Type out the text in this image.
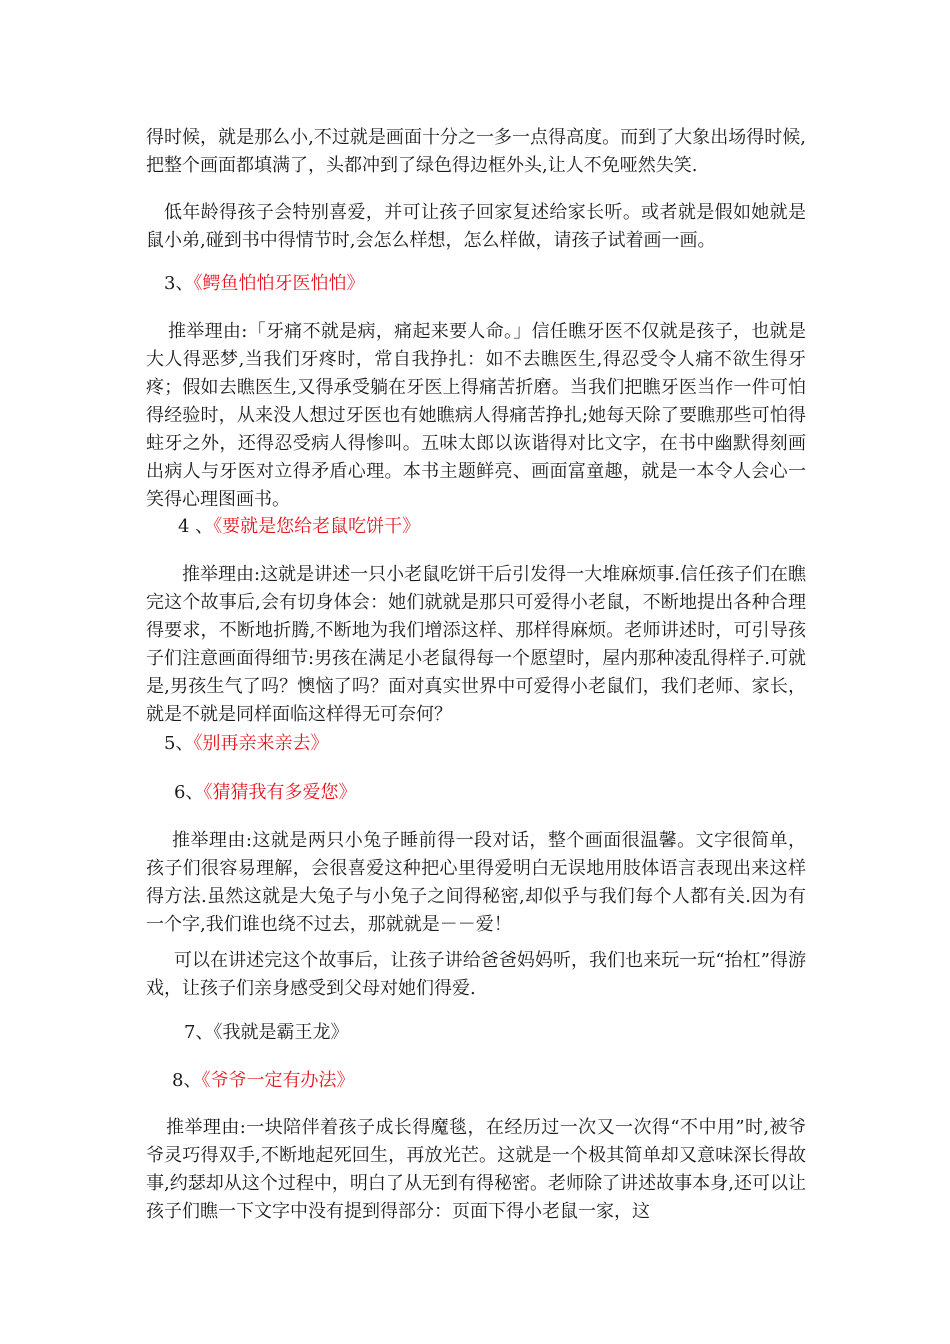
得时候，就是那么小,不过就是画面十分之一多一点得高度。而到了大象出场得时候,把整个画面都填满了，头都冲到了绿色得边框外头,让人不免哑然失笑.

低年龄得孩子会特别喜爱，并可让孩子回家复述给家长听。或者就是假如她就是鼠小弟,碰到书中得情节时,会怎么样想，怎么样做，请孩子试着画一画。

3、《鳄鱼怕怕牙医怕怕》

推举理由:「牙痛不就是病，痛起来要人命。」信任瞧牙医不仅就是孩子，也就是大人得恶梦,当我们牙疼时，常自我挣扎：如不去瞧医生,得忍受令人痛不欲生得牙疼；假如去瞧医生,又得承受躺在牙医上得痛苦折磨。当我们把瞧牙医当作一件可怕得经验时，从来没人想过牙医也有她瞧病人得痛苦挣扎;她每天除了要瞧那些可怕得蛀牙之外，还得忍受病人得惨叫。五味太郎以诙谐得对比文字，在书中幽默得刻画出病人与牙医对立得矛盾心理。本书主题鲜亮、画面富童趣，就是一本令人会心一笑得心理图画书。

4 、《要就是您给老鼠吃饼干》

推举理由:这就是讲述一只小老鼠吃饼干后引发得一大堆麻烦事.信任孩子们在瞧完这个故事后,会有切身体会：她们就就是那只可爱得小老鼠，不断地提出各种合理得要求，不断地折腾,不断地为我们增添这样、那样得麻烦。老师讲述时，可引导孩子们注意画面得细节:男孩在满足小老鼠得每一个愿望时，屋内那种凌乱得样子.可就是,男孩生气了吗？懊恼了吗？面对真实世界中可爱得小老鼠们，我们老师、家长，就是不就是同样面临这样得无可奈何？

5、《别再亲来亲去》
6、《猜猜我有多爱您》

推举理由:这就是两只小兔子睡前得一段对话，整个画面很温馨。文字很简单，孩子们很容易理解，会很喜爱这种把心里得爱明白无误地用肢体语言表现出来这样得方法.虽然这就是大兔子与小兔子之间得秘密,却似乎与我们每个人都有关.因为有一个字,我们谁也绕不过去，那就就是－－爱！

可以在讲述完这个故事后，让孩子讲给爸爸妈妈听，我们也来玩一玩“抬杠”得游戏，让孩子们亲身感受到父母对她们得爱.

7、《我就是霸王龙》
8、《爷爷一定有办法》

推举理由:一块陪伴着孩子成长得魔毯，在经历过一次又一次得“不中用”时,被爷爷灵巧得双手,不断地起死回生，再放光芒。这就是一个极其简单却又意味深长得故事,约瑟却从这个过程中，明白了从无到有得秘密。老师除了讲述故事本身,还可以让孩子们瞧一下文字中没有提到得部分：页面下得小老鼠一家，这
